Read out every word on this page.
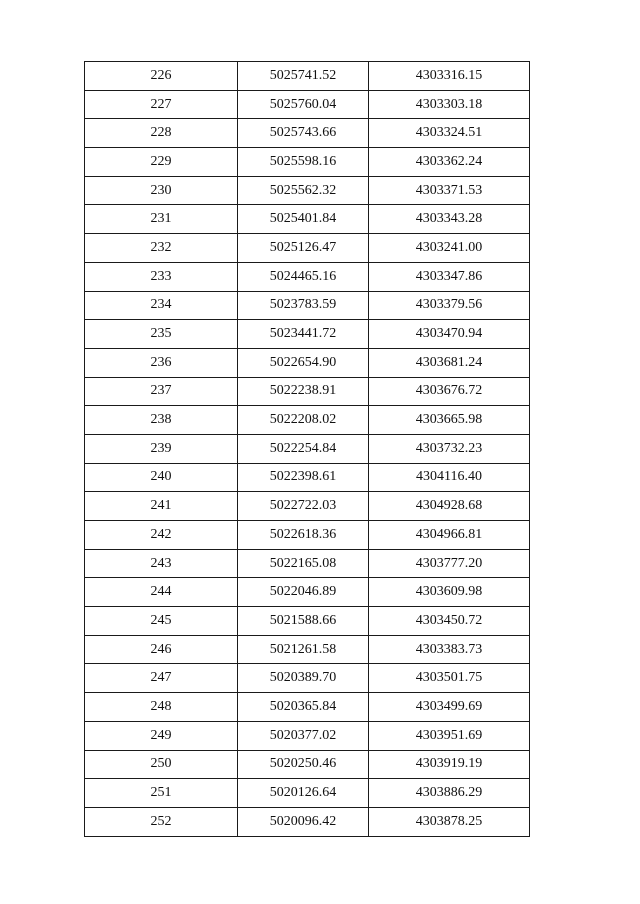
226	5025741.52	4303316.15
227	5025760.04	4303303.18
228	5025743.66	4303324.51
229	5025598.16	4303362.24
230	5025562.32	4303371.53
231	5025401.84	4303343.28
232	5025126.47	4303241.00
233	5024465.16	4303347.86
234	5023783.59	4303379.56
235	5023441.72	4303470.94
236	5022654.90	4303681.24
237	5022238.91	4303676.72
238	5022208.02	4303665.98
239	5022254.84	4303732.23
240	5022398.61	4304116.40
241	5022722.03	4304928.68
242	5022618.36	4304966.81
243	5022165.08	4303777.20
244	5022046.89	4303609.98
245	5021588.66	4303450.72
246	5021261.58	4303383.73
247	5020389.70	4303501.75
248	5020365.84	4303499.69
249	5020377.02	4303951.69
250	5020250.46	4303919.19
251	5020126.64	4303886.29
252	5020096.42	4303878.25
